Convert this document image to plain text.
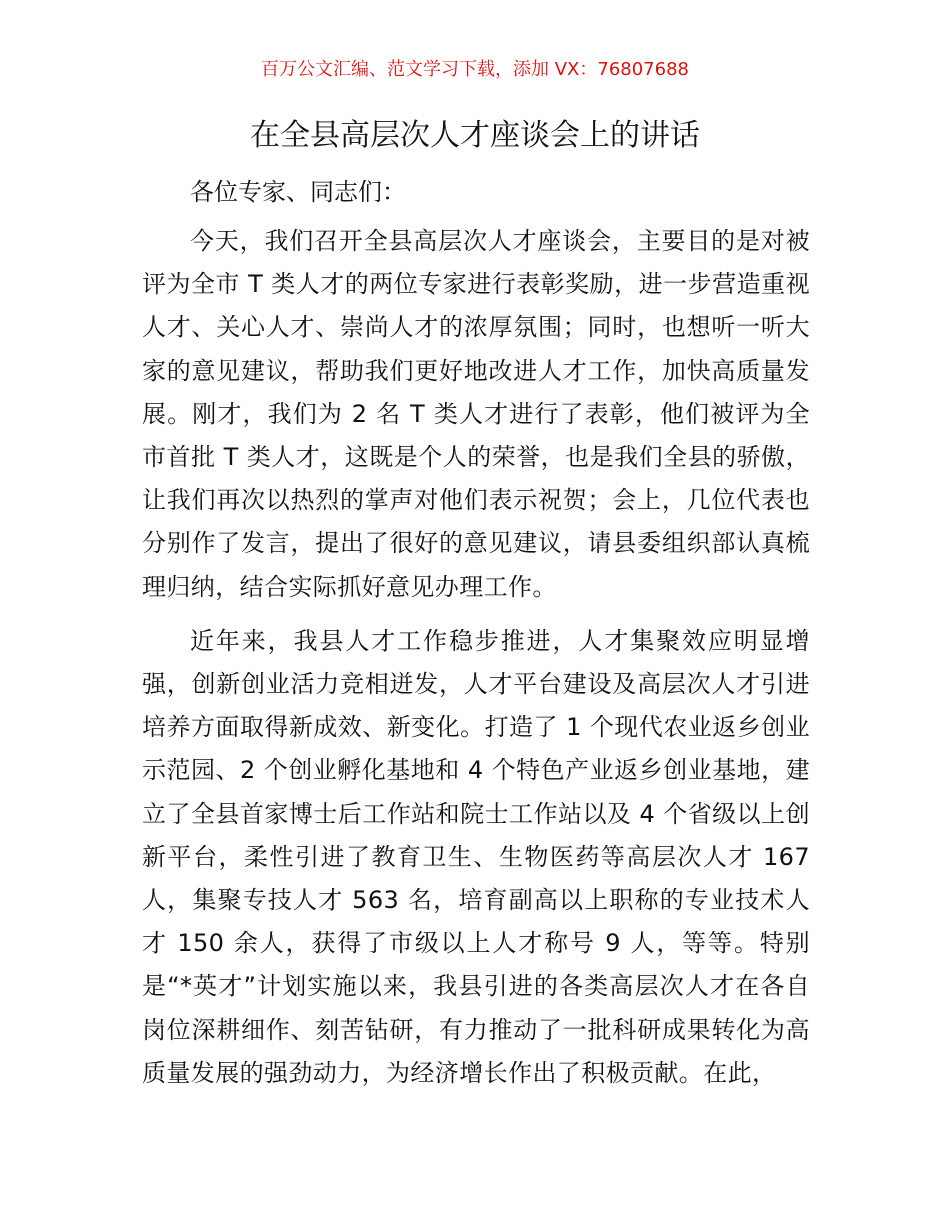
百万公文汇编、范文学习下载，添加 VX：76807688
在全县高层次人才座谈会上的讲话

各位专家、同志们：

今天，我们召开全县高层次人才座谈会，主要目的是对被评为全市 T 类人才的两位专家进行表彰奖励，进一步营造重视人才、关心人才、崇尚人才的浓厚氛围；同时，也想听一听大家的意见建议，帮助我们更好地改进人才工作，加快高质量发展。刚才，我们为 2 名 T 类人才进行了表彰，他们被评为全市首批 T 类人才，这既是个人的荣誉，也是我们全县的骄傲，让我们再次以热烈的掌声对他们表示祝贺；会上，几位代表也分别作了发言，提出了很好的意见建议，请县委组织部认真梳理归纳，结合实际抓好意见办理工作。

近年来，我县人才工作稳步推进，人才集聚效应明显增强，创新创业活力竞相迸发，人才平台建设及高层次人才引进培养方面取得新成效、新变化。打造了 1 个现代农业返乡创业示范园、2 个创业孵化基地和 4 个特色产业返乡创业基地，建立了全县首家博士后工作站和院士工作站以及 4 个省级以上创新平台，柔性引进了教育卫生、生物医药等高层次人才 167 人，集聚专技人才 563 名，培育副高以上职称的专业技术人才 150 余人，获得了市级以上人才称号 9 人，等等。特别是“*英才”计划实施以来，我县引进的各类高层次人才在各自岗位深耕细作、刻苦钻研，有力推动了一批科研成果转化为高质量发展的强劲动力，为经济增长作出了积极贡献。在此，
